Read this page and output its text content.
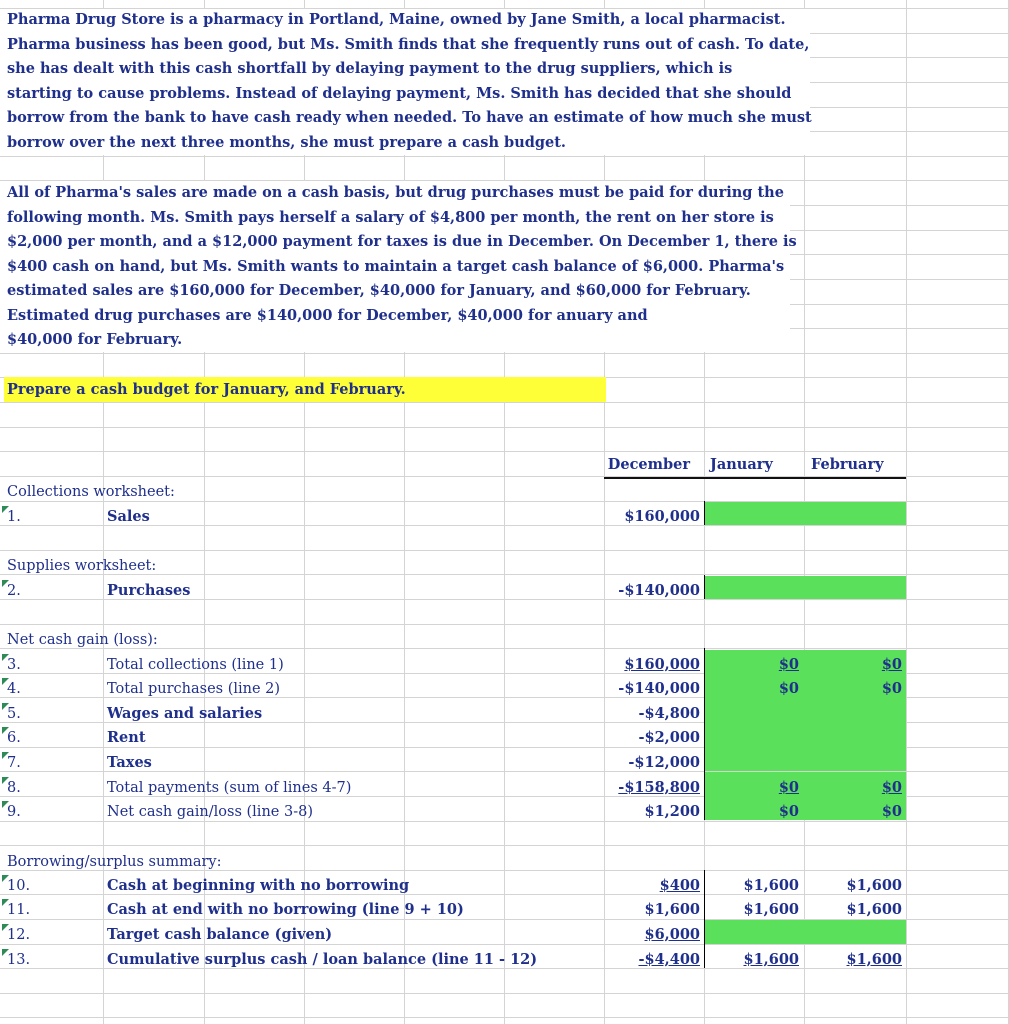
Pharma Drug Store is a pharmacy in Portland, Maine, owned by Jane Smith, a local pharmacist.
Pharma business has been good, but Ms. Smith finds that she frequently runs out of cash. To date,
she has dealt with this cash shortfall by delaying payment to the drug suppliers, which is
starting to cause problems. Instead of delaying payment, Ms. Smith has decided that she should
borrow from the bank to have cash ready when needed. To have an estimate of how much she must
borrow over the next three months, she must prepare a cash budget.
All of Pharma's sales are made on a cash basis, but drug purchases must be paid for during the
following month. Ms. Smith pays herself a salary of $4,800 per month, the rent on her store is
$2,000 per month, and a $12,000 payment for taxes is due in December. On December 1, there is
$400 cash on hand, but Ms. Smith wants to maintain a target cash balance of $6,000. Pharma's
estimated sales are $160,000 for December, $40,000 for January, and $60,000 for February.
Estimated drug purchases are $140,000 for December, $40,000 for anuary and
$40,000 for February.
Prepare a cash budget for January, and February.
December January	February
Collections worksheet:
Supplies worksheet:
Net cash gain (loss):
Borrowing/surplus summary:
1.	Sales	$160,000
2.	Purchases	-$140,000
3.	Total collections (line 1)	$160,000	$0	$0
4.	Total purchases (line 2)	-$140,000	$0	$0
5.	Wages and salaries	-$4,800
6.	Rent	-$2,000
7.	Taxes	-$12,000
8.	Total payments (sum of lines 4-7)	-$158,800	$0	$0
9.	Net cash gain/loss (line 3-8)	$1,200	$0	$0
10.	Cash at beginning with no borrowing	$400	$1,600	$1,600
11.	Cash at end with no borrowing (line 9 + 10)	$1,600	$1,600	$1,600
12.	Target cash balance (given)	$6,000
13.	Cumulative surplus cash / loan balance (line 11 - 12)	-$4,400	$1,600	$1,600
